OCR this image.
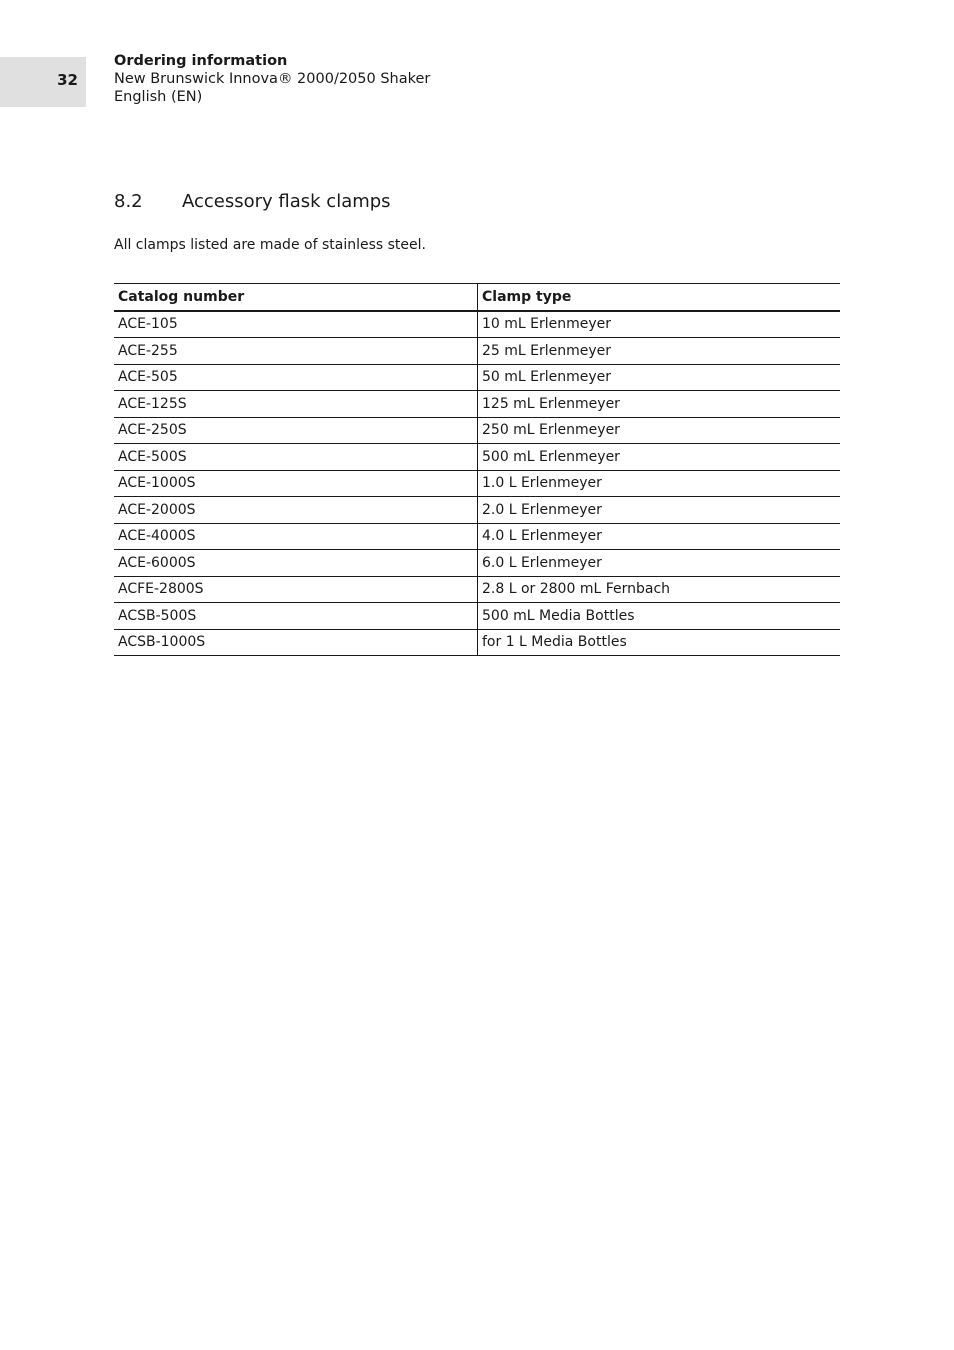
32
Ordering information
New Brunswick Innova® 2000/2050 Shaker
English (EN)
8.2 Accessory flask clamps
All clamps listed are made of stainless steel.
Catalog number	Clamp type
ACE-105	10 mL Erlenmeyer
ACE-255	25 mL Erlenmeyer
ACE-505	50 mL Erlenmeyer
ACE-125S	125 mL Erlenmeyer
ACE-250S	250 mL Erlenmeyer
ACE-500S	500 mL Erlenmeyer
ACE-1000S	1.0 L Erlenmeyer
ACE-2000S	2.0 L Erlenmeyer
ACE-4000S	4.0 L Erlenmeyer
ACE-6000S	6.0 L Erlenmeyer
ACFE-2800S	2.8 L or 2800 mL Fernbach
ACSB-500S	500 mL Media Bottles
ACSB-1000S	for 1 L Media Bottles
